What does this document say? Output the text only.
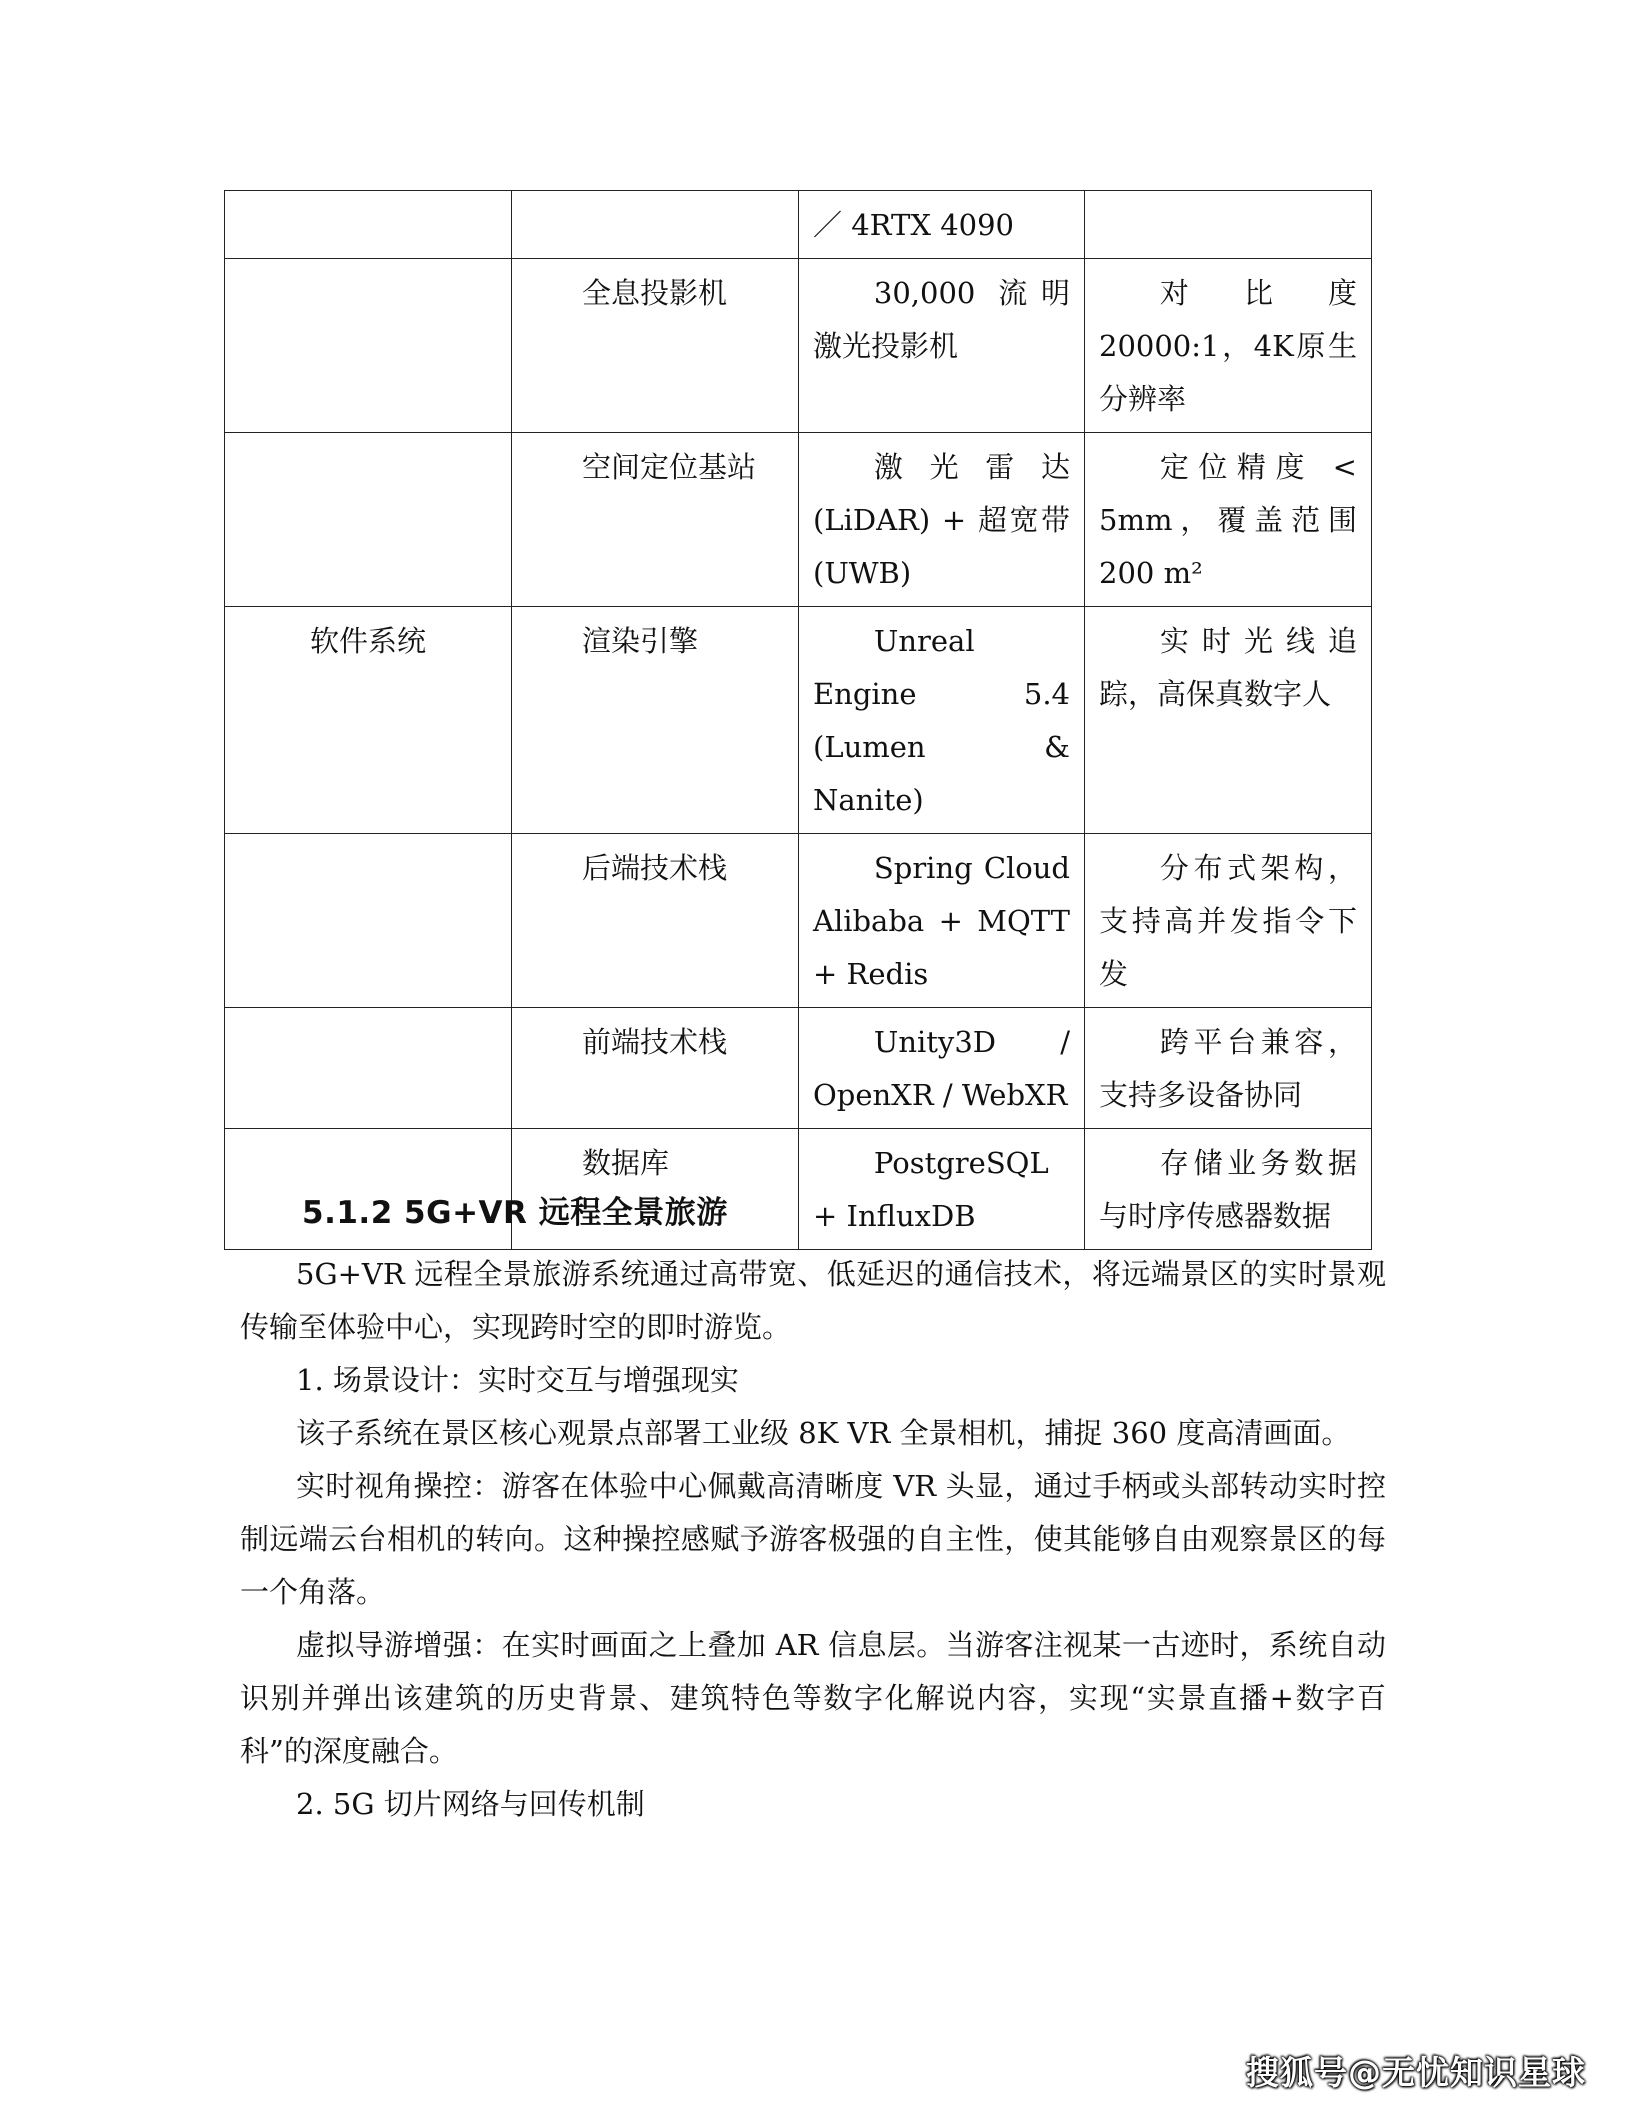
		／ 4RTX 4090	
	全息投影机	30,000 流明激光投影机	对比度20000:1，4K原生分辨率

	空间定位基站	激光雷达(LiDAR) + 超宽带(UWB)	定位精度 < 5mm，覆盖范围200 m²

软件系统	渲染引擎	Unreal Engine 5.4 (Lumen & Nanite)	实时光线追踪，高保真数字人

	后端技术栈	Spring Cloud Alibaba + MQTT + Redis	分布式架构，支持高并发指令下发

	前端技术栈	Unity3D / OpenXR / WebXR	跨平台兼容，支持多设备协同

	数据库	PostgreSQL + InfluxDB	存储业务数据与时序传感器数据
5.1.2 5G+VR 远程全景旅游

5G+VR 远程全景旅游系统通过高带宽、低延迟的通信技术，将远端景区的实时景观传输至体验中心，实现跨时空的即时游览。

1. 场景设计：实时交互与增强现实

该子系统在景区核心观景点部署工业级 8K VR 全景相机，捕捉 360 度高清画面。

实时视角操控：游客在体验中心佩戴高清晰度 VR 头显，通过手柄或头部转动实时控制远端云台相机的转向。这种操控感赋予游客极强的自主性，使其能够自由观察景区的每一个角落。

虚拟导游增强：在实时画面之上叠加 AR 信息层。当游客注视某一古迹时，系统自动识别并弹出该建筑的历史背景、建筑特色等数字化解说内容，实现“实景直播+数字百科”的深度融合。

2. 5G 切片网络与回传机制

搜狐号@无忧知识星球
